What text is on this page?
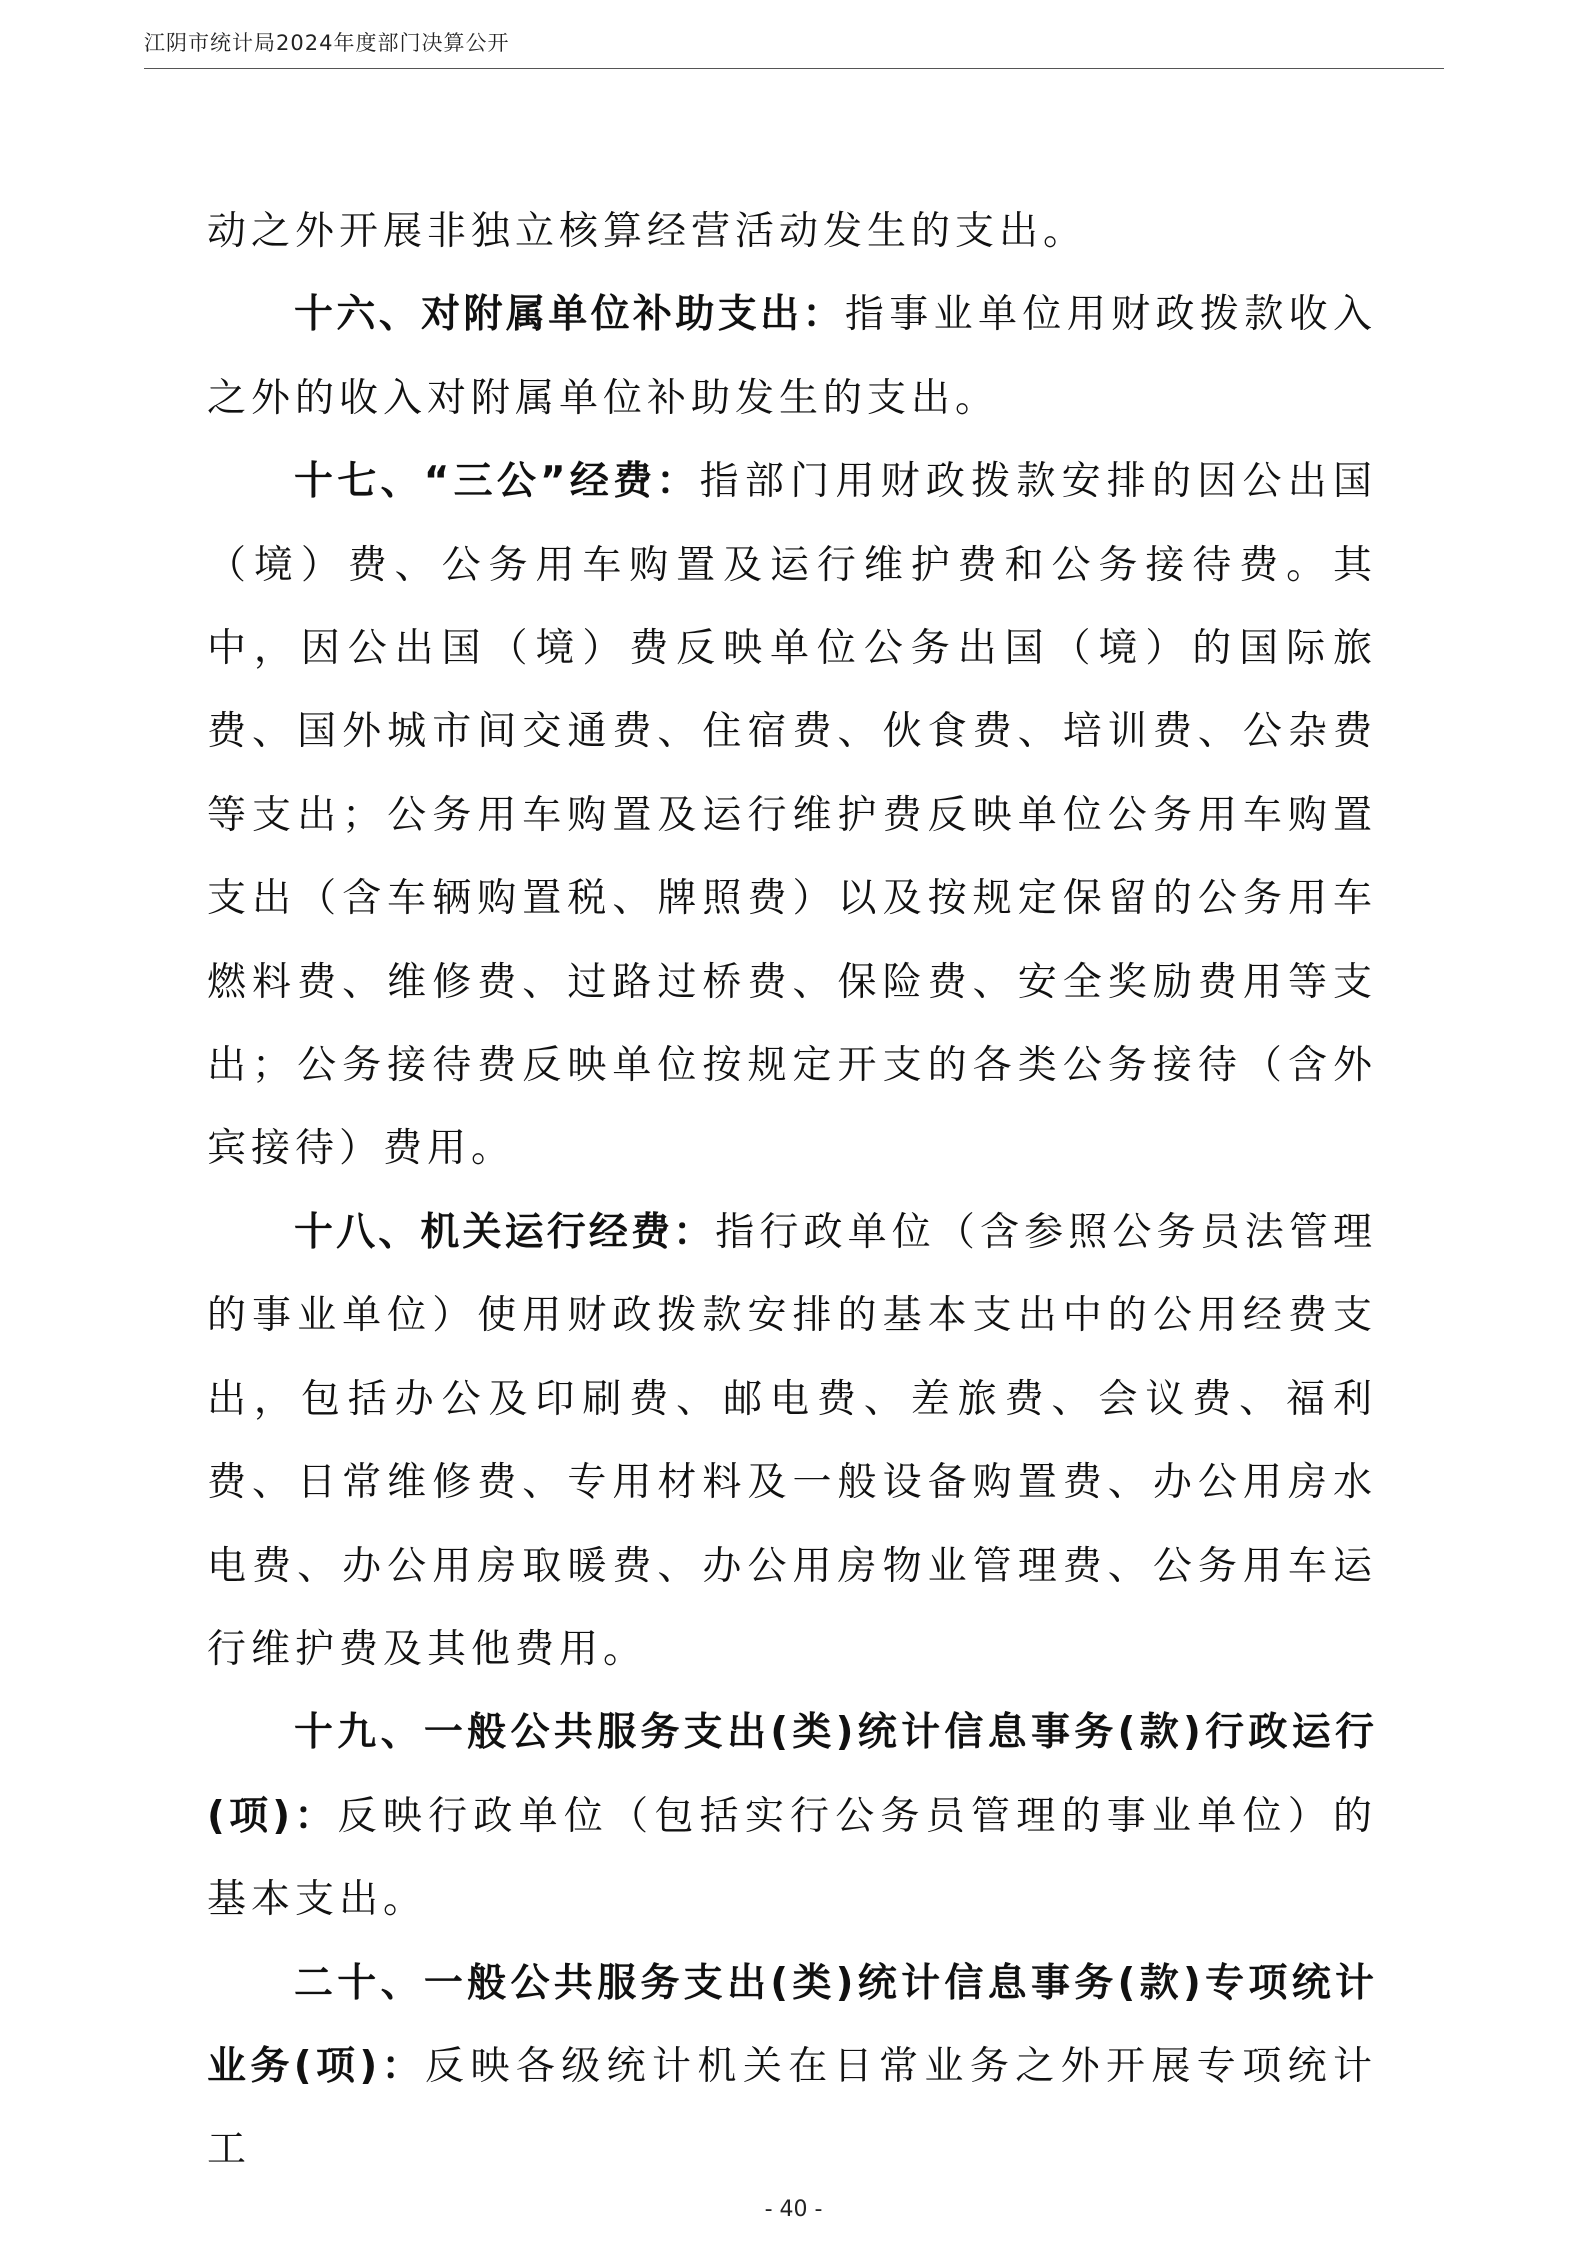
江阴市统计局2024年度部门决算公开

动之外开展非独立核算经营活动发生的支出。

十六、对附属单位补助支出：指事业单位用财政拨款收入之外的收入对附属单位补助发生的支出。

十七、“三公”经费：指部门用财政拨款安排的因公出国（境）费、公务用车购置及运行维护费和公务接待费。其中，因公出国（境）费反映单位公务出国（境）的国际旅费、国外城市间交通费、住宿费、伙食费、培训费、公杂费等支出；公务用车购置及运行维护费反映单位公务用车购置支出（含车辆购置税、牌照费）以及按规定保留的公务用车燃料费、维修费、过路过桥费、保险费、安全奖励费用等支出；公务接待费反映单位按规定开支的各类公务接待（含外宾接待）费用。

十八、机关运行经费：指行政单位（含参照公务员法管理的事业单位）使用财政拨款安排的基本支出中的公用经费支出，包括办公及印刷费、邮电费、差旅费、会议费、福利费、日常维修费、专用材料及一般设备购置费、办公用房水电费、办公用房取暖费、办公用房物业管理费、公务用车运行维护费及其他费用。

十九、一般公共服务支出(类)统计信息事务(款)行政运行(项)：反映行政单位（包括实行公务员管理的事业单位）的基本支出。

二十、一般公共服务支出(类)统计信息事务(款)专项统计业务(项)：反映各级统计机关在日常业务之外开展专项统计工

- 40 -
